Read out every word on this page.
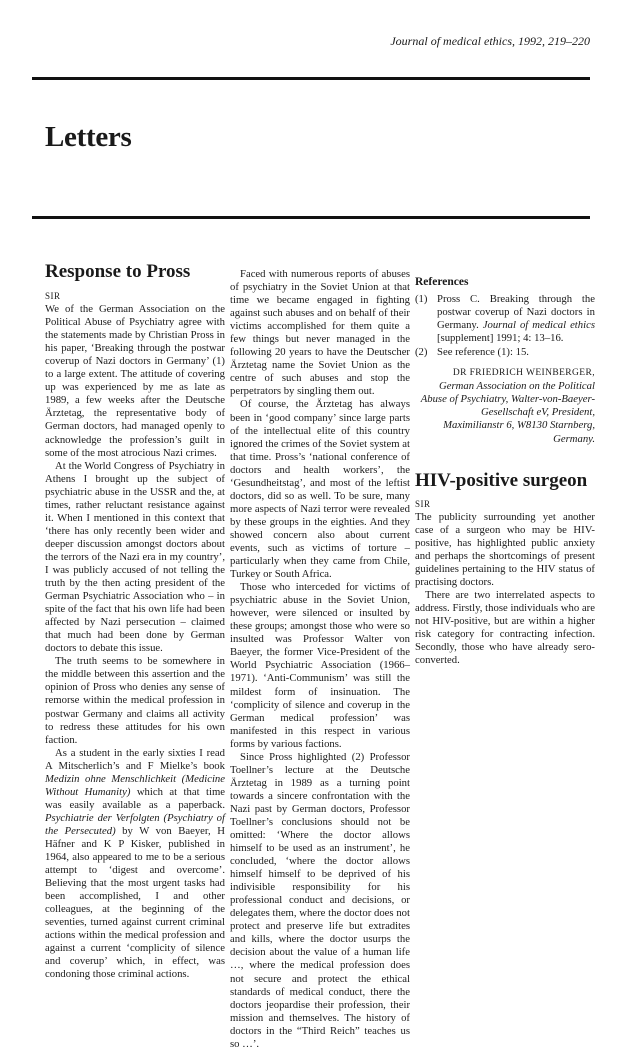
Journal of medical ethics, 1992, 219–220
Letters
Response to Pross

SIR

We of the German Association on the Political Abuse of Psychiatry agree with the statements made by Christian Pross in his paper, ‘Breaking through the postwar coverup of Nazi doctors in Germany’ (1) to a large extent. The attitude of covering up was experienced by me as late as 1989, a few weeks after the Deutsche Ärztetag, the representative body of German doctors, had managed openly to acknowledge the profession’s guilt in some of the most atrocious Nazi crimes.

At the World Congress of Psychiatry in Athens I brought up the subject of psychiatric abuse in the USSR and the, at times, rather reluctant resistance against it. When I mentioned in this context that ‘there has only recently been wider and deeper discussion amongst doctors about the terrors of the Nazi era in my country’, I was publicly accused of not telling the truth by the then acting president of the German Psychiatric Association who – in spite of the fact that his own life had been affected by Nazi persecution – claimed that much had been done by German doctors to debate this issue.

The truth seems to be somewhere in the middle between this assertion and the opinion of Pross who denies any sense of remorse within the medical profession in postwar Germany and claims all activity to redress these attitudes for his own faction.

As a student in the early sixties I read A Mitscherlich’s and F Mielke’s book Medizin ohne Menschlichkeit (Medicine Without Humanity) which at that time was easily available as a paperback. Psychiatrie der Verfolgten (Psychiatry of the Persecuted) by W von Baeyer, H Häfner and K P Kisker, published in 1964, also appeared to me to be a serious attempt to ‘digest and overcome’. Believing that the most urgent tasks had been accomplished, I and other colleagues, at the beginning of the seventies, turned against current criminal actions within the medical profession and against a current ‘complicity of silence and coverup’ which, in effect, was condoning those criminal actions.

Faced with numerous reports of abuses of psychiatry in the Soviet Union at that time we became engaged in fighting against such abuses and on behalf of their victims accomplished for them quite a few things but never managed in the following 20 years to have the Deutscher Ärztetag name the Soviet Union as the centre of such abuses and stop the perpetrators by singling them out.

Of course, the Ärztetag has always been in ‘good company’ since large parts of the intellectual elite of this country ignored the crimes of the Soviet system at that time. Pross’s ‘national conference of doctors and health workers’, the ‘Gesundheitstag’, and most of the leftist doctors, did so as well. To be sure, many more aspects of Nazi terror were revealed by these groups in the eighties. And they showed concern also about current events, such as victims of torture – particularly when they came from Chile, Turkey or South Africa.

Those who interceded for victims of psychiatric abuse in the Soviet Union, however, were silenced or insulted by these groups; amongst those who were so insulted was Professor Walter von Baeyer, the former Vice-President of the World Psychiatric Association (1966–1971). ‘Anti-Communism’ was still the mildest form of insinuation. The ‘complicity of silence and coverup in the German medical profession’ was manifested in this respect in various forms by various factions.

Since Pross highlighted (2) Professor Toellner’s lecture at the Deutsche Ärztetag in 1989 as a turning point towards a sincere confrontation with the Nazi past by German doctors, Professor Toellner’s conclusions should not be omitted: ‘Where the doctor allows himself to be used as an instrument’, he concluded, ‘where the doctor allows himself himself to be deprived of his indivisible responsibility for his professional conduct and decisions, or delegates them, where the doctor does not protect and preserve life but extradites and kills, where the doctor usurps the decision about the value of a human life …, where the medical profession does not secure and protect the ethical standards of medical conduct, there the doctors jeopardise their profession, their mission and themselves. The history of doctors in the “Third Reich” teaches us so …’.

References
(1) Pross C. Breaking through the postwar coverup of Nazi doctors in Germany. Journal of medical ethics [supplement] 1991; 4: 13–16.
(2) See reference (1): 15.
DR FRIEDRICH WEINBERGER,
German Association on the Political
Abuse of Psychiatry, Walter-von-Baeyer-
Gesellschaft eV, President,
Maximilianstr 6, W8130 Starnberg,
Germany.
HIV-positive surgeon

SIR

The publicity surrounding yet another case of a surgeon who may be HIV-positive, has highlighted public anxiety and perhaps the shortcomings of present guidelines pertaining to the HIV status of practising doctors.

There are two interrelated aspects to address. Firstly, those individuals who are not HIV-positive, but are within a higher risk category for contracting infection. Secondly, those who have already sero-converted.
